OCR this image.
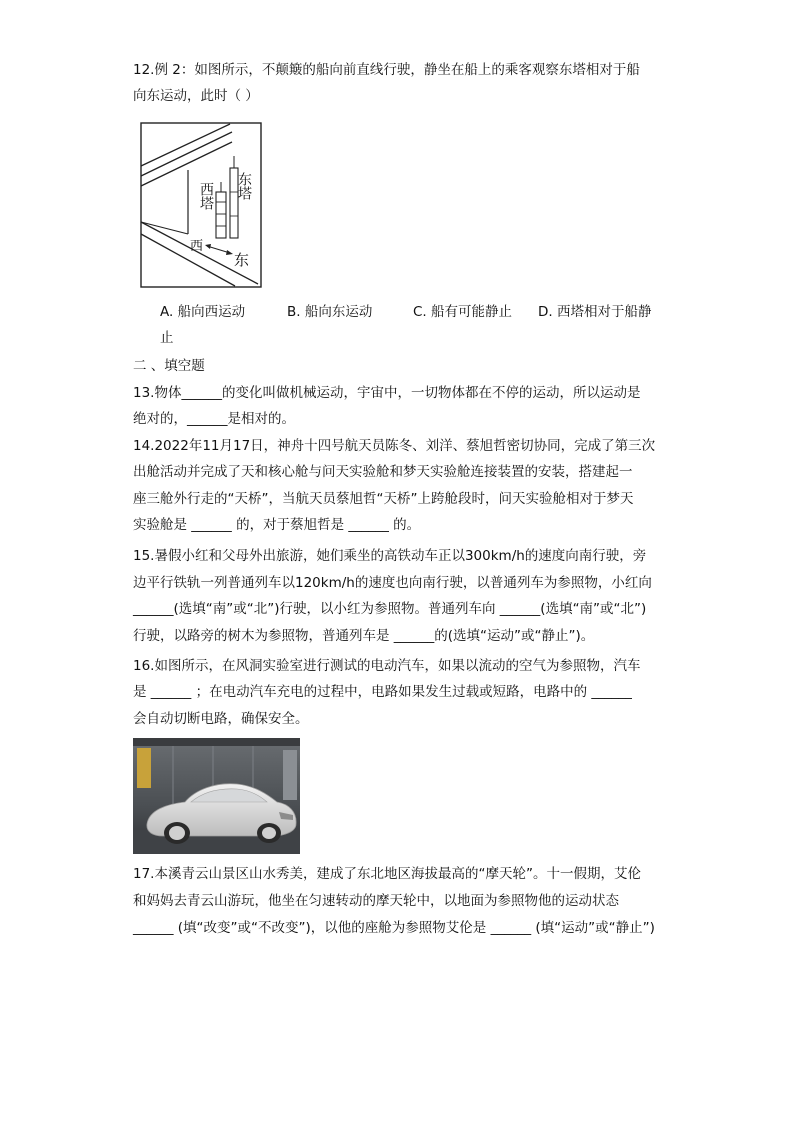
12.例 2：如图所示，不颠簸的船向前直线行驶，静坐在船上的乘客观察东塔相对于船
向东运动，此时（ ）
东塔
西塔
西
东
A. 船向西运动	B. 船向东运动	C. 船有可能静止 D. 西塔相对于船静
止
二 、填空题
13.物体______的变化叫做机械运动，宇宙中，一切物体都在不停的运动，所以运动是
绝对的，______是相对的。
14.2022年11月17日，神舟十四号航天员陈冬、刘洋、蔡旭哲密切协同，完成了第三次
出舱活动并完成了天和核心舱与问天实验舱和梦天实验舱连接装置的安装，搭建起一
座三舱外行走的“天桥”，当航天员蔡旭哲“天桥”上跨舱段时，问天实验舱相对于梦天
实验舱是 ______ 的，对于蔡旭哲是 ______ 的。
15.暑假小红和父母外出旅游，她们乘坐的高铁动车正以300km/h的速度向南行驶，旁
边平行铁轨一列普通列车以120km/h的速度也向南行驶，以普通列车为参照物，小红向
______(选填“南”或“北”)行驶，以小红为参照物。普通列车向 ______(选填“南”或“北”)
行驶，以路旁的树木为参照物，普通列车是 ______的(选填“运动”或“静止”)。
16.如图所示，在风洞实验室进行测试的电动汽车，如果以流动的空气为参照物，汽车
是 ______ ；在电动汽车充电的过程中，电路如果发生过载或短路，电路中的 ______
会自动切断电路，确保安全。
17.本溪青云山景区山水秀美，建成了东北地区海拔最高的“摩天轮”。十一假期，艾伦
和妈妈去青云山游玩，他坐在匀速转动的摩天轮中，以地面为参照物他的运动状态
______ (填“改变”或“不改变”)，以他的座舱为参照物艾伦是 ______ (填“运动”或“静止”)
